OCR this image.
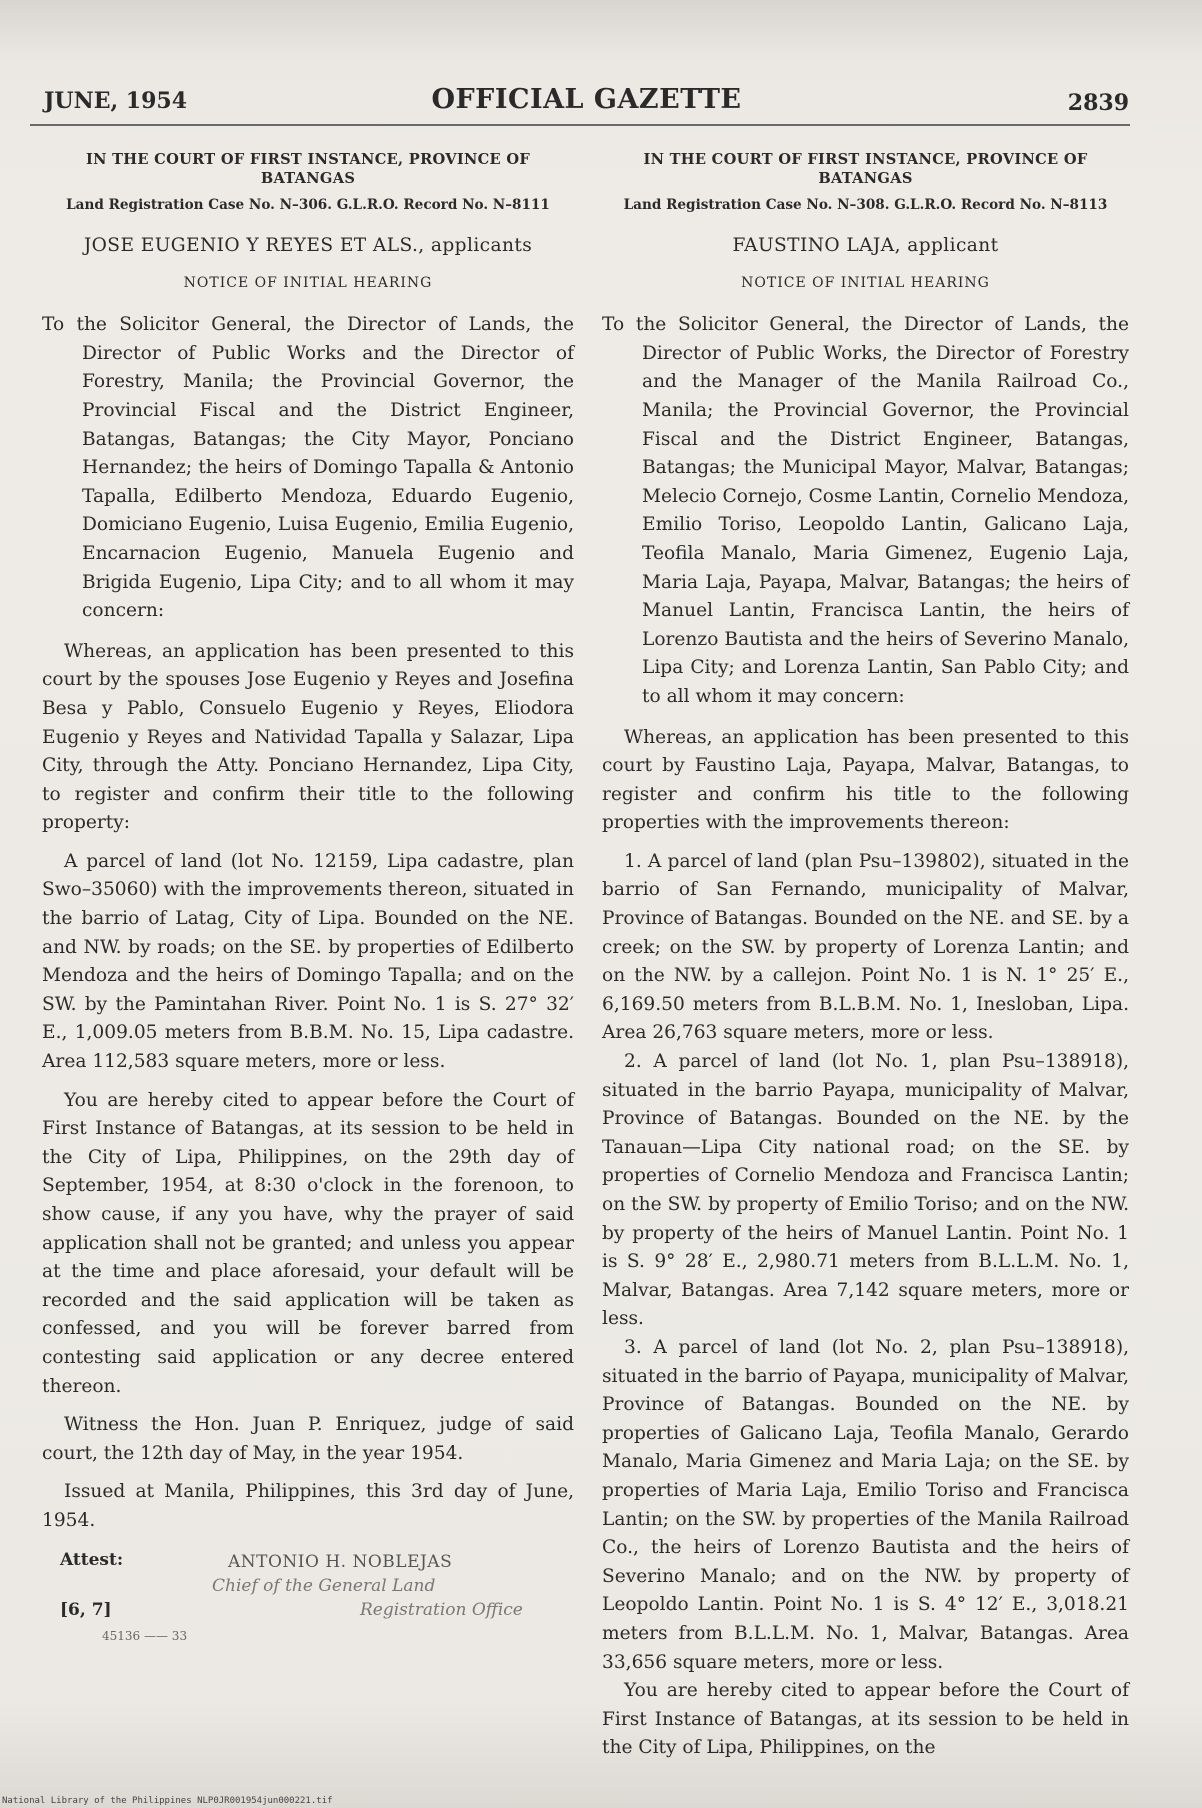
JUNE, 1954	OFFICIAL GAZETTE	2839

IN THE COURT OF FIRST INSTANCE, PROVINCE OF BATANGAS

Land Registration Case No. N–306. G.L.R.O. Record No. N–8111

JOSE EUGENIO Y REYES ET ALS., applicants

NOTICE OF INITIAL HEARING

To the Solicitor General, the Director of Lands, the Director of Public Works and the Director of Forestry, Manila; the Provincial Governor, the Provincial Fiscal and the District Engineer, Batangas, Batangas; the City Mayor, Ponciano Hernandez; the heirs of Domingo Tapalla & Antonio Tapalla, Edilberto Mendoza, Eduardo Eugenio, Domiciano Eugenio, Luisa Eugenio, Emilia Eugenio, Encarnacion Eugenio, Manuela Eugenio and Brigida Eugenio, Lipa City; and to all whom it may concern:

Whereas, an application has been presented to this court by the spouses Jose Eugenio y Reyes and Josefina Besa y Pablo, Consuelo Eugenio y Reyes, Eliodora Eugenio y Reyes and Natividad Tapalla y Salazar, Lipa City, through the Atty. Ponciano Hernandez, Lipa City, to register and confirm their title to the following property:

A parcel of land (lot No. 12159, Lipa cadastre, plan Swo–35060) with the improvements thereon, situated in the barrio of Latag, City of Lipa. Bounded on the NE. and NW. by roads; on the SE. by properties of Edilberto Mendoza and the heirs of Domingo Tapalla; and on the SW. by the Pamintahan River. Point No. 1 is S. 27° 32′ E., 1,009.05 meters from B.B.M. No. 15, Lipa cadastre. Area 112,583 square meters, more or less.

You are hereby cited to appear before the Court of First Instance of Batangas, at its session to be held in the City of Lipa, Philippines, on the 29th day of September, 1954, at 8:30 o'clock in the forenoon, to show cause, if any you have, why the prayer of said application shall not be granted; and unless you appear at the time and place aforesaid, your default will be recorded and the said application will be taken as confessed, and you will be forever barred from contesting said application or any decree entered thereon.

Witness the Hon. Juan P. Enriquez, judge of said court, the 12th day of May, in the year 1954.

Issued at Manila, Philippines, this 3rd day of June, 1954.

Attest:	ANTONIO H. NOBLEJAS
Chief of the General Land
[6, 7]	Registration Office
45136 —— 33

IN THE COURT OF FIRST INSTANCE, PROVINCE OF BATANGAS

Land Registration Case No. N–308. G.L.R.O. Record No. N–8113

FAUSTINO LAJA, applicant

NOTICE OF INITIAL HEARING

To the Solicitor General, the Director of Lands, the Director of Public Works, the Director of Forestry and the Manager of the Manila Railroad Co., Manila; the Provincial Governor, the Provincial Fiscal and the District Engineer, Batangas, Batangas; the Municipal Mayor, Malvar, Batangas; Melecio Cornejo, Cosme Lantin, Cornelio Mendoza, Emilio Toriso, Leopoldo Lantin, Galicano Laja, Teofila Manalo, Maria Gimenez, Eugenio Laja, Maria Laja, Payapa, Malvar, Batangas; the heirs of Manuel Lantin, Francisca Lantin, the heirs of Lorenzo Bautista and the heirs of Severino Manalo, Lipa City; and Lorenza Lantin, San Pablo City; and to all whom it may concern:

Whereas, an application has been presented to this court by Faustino Laja, Payapa, Malvar, Batangas, to register and confirm his title to the following properties with the improvements thereon:

1. A parcel of land (plan Psu–139802), situated in the barrio of San Fernando, municipality of Malvar, Province of Batangas. Bounded on the NE. and SE. by a creek; on the SW. by property of Lorenza Lantin; and on the NW. by a callejon. Point No. 1 is N. 1° 25′ E., 6,169.50 meters from B.L.B.M. No. 1, Inesloban, Lipa. Area 26,763 square meters, more or less.

2. A parcel of land (lot No. 1, plan Psu–138918), situated in the barrio Payapa, municipality of Malvar, Province of Batangas. Bounded on the NE. by the Tanauan—Lipa City national road; on the SE. by properties of Cornelio Mendoza and Francisca Lantin; on the SW. by property of Emilio Toriso; and on the NW. by property of the heirs of Manuel Lantin. Point No. 1 is S. 9° 28′ E., 2,980.71 meters from B.L.L.M. No. 1, Malvar, Batangas. Area 7,142 square meters, more or less.

3. A parcel of land (lot No. 2, plan Psu–138918), situated in the barrio of Payapa, municipality of Malvar, Province of Batangas. Bounded on the NE. by properties of Galicano Laja, Teofila Manalo, Gerardo Manalo, Maria Gimenez and Maria Laja; on the SE. by properties of Maria Laja, Emilio Toriso and Francisca Lantin; on the SW. by properties of the Manila Railroad Co., the heirs of Lorenzo Bautista and the heirs of Severino Manalo; and on the NW. by property of Leopoldo Lantin. Point No. 1 is S. 4° 12′ E., 3,018.21 meters from B.L.L.M. No. 1, Malvar, Batangas. Area 33,656 square meters, more or less.

You are hereby cited to appear before the Court of First Instance of Batangas, at its session to be held in the City of Lipa, Philippines, on the

National Library of the Philippines NLP0JR001954jun000221.tif
